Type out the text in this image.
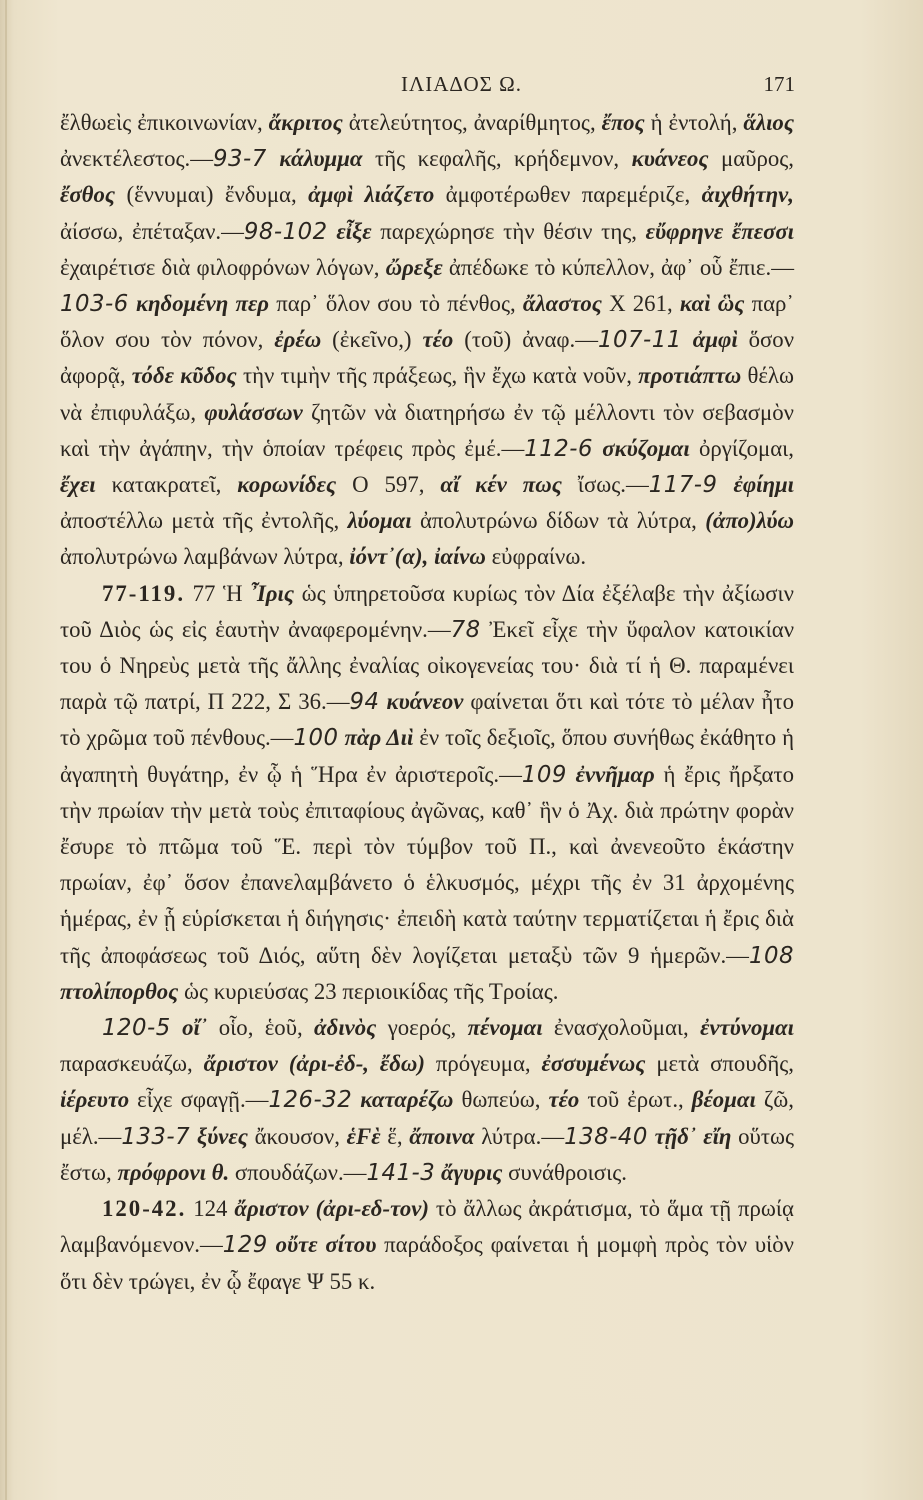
ΙΛΙΑΔΟΣ Ω.	171

ἔλθωεὶς ἐπικοινωνίαν, ἄκριτος ἀτελεύτητος, ἀναρίθμητος, ἔπος ἡ ἐντολή, ἅλιος ἀνεκτέλεστος.—93-7 κάλυμμα τῆς κεφαλῆς, κρήδεμνον, κυάνεος μαῦρος, ἔσθος (ἕννυμαι) ἔνδυμα, ἀμφὶ λιάζετο ἀμφοτέρωθεν παρεμέριζε, ἀιχθήτην, ἀίσσω, ἐπέταξαν.—98-102 εἶξε παρεχώρησε τὴν θέσιν της, εὔφρηνε ἔπεσσι ἐχαιρέτισε διὰ φιλοφρόνων λόγων, ὤρεξε ἀπέδωκε τὸ κύπελλον, ἀφ᾽ οὗ ἔπιε.—103-6 κηδομένη περ παρ᾽ ὅλον σου τὸ πένθος, ἄλαστος Χ 261, καὶ ὣς παρ᾽ ὅλον σου τὸν πόνον, ἐρέω (ἐκεῖνο,) τέο (τοῦ) ἀναφ.—107-11 ἀμφὶ ὅσον ἀφορᾷ, τόδε κῦδος τὴν τιμὴν τῆς πράξεως, ἣν ἔχω κατὰ νοῦν, προτιάπτω θέλω νὰ ἐπιφυλάξω, φυλάσσων ζητῶν νὰ διατηρήσω ἐν τῷ μέλλοντι τὸν σεβασμὸν καὶ τὴν ἀγάπην, τὴν ὁποίαν τρέφεις πρὸς ἐμέ.—112-6 σκύζομαι ὀργίζομαι, ἔχει κατακρατεῖ, κορωνίδες Ο 597, αἴ κέν πως ἴσως.—117-9 ἐφίημι ἀποστέλλω μετὰ τῆς ἐντολῆς, λύομαι ἀπολυτρώνω δίδων τὰ λύτρα, (ἀπο)λύω ἀπολυτρώνω λαμβάνων λύτρα, ἰόντ᾽(α), ἰαίνω εὐφραίνω.

77-119. 77 Ἡ Ἶρις ὡς ὑπηρετοῦσα κυρίως τὸν Δία ἐξέλαβε τὴν ἀξίωσιν τοῦ Διὸς ὡς εἰς ἑαυτὴν ἀναφερομένην.—78 Ἐκεῖ εἶχε τὴν ὕφαλον κατοικίαν του ὁ Νηρεὺς μετὰ τῆς ἄλλης ἐναλίας οἰκογενείας του· διὰ τί ἡ Θ. παραμένει παρὰ τῷ πατρί, Π 222, Σ 36.—94 κυάνεον φαίνεται ὅτι καὶ τότε τὸ μέλαν ἦτο τὸ χρῶμα τοῦ πένθους.—100 πὰρ Διὶ ἐν τοῖς δεξιοῖς, ὅπου συνήθως ἐκάθητο ἡ ἀγαπητὴ θυγάτηρ, ἐν ᾧ ἡ Ἥρα ἐν ἀριστεροῖς.—109 ἐννῆμαρ ἡ ἔρις ἤρξατο τὴν πρωίαν τὴν μετὰ τοὺς ἐπιταφίους ἀγῶνας, καθ᾽ ἣν ὁ Ἀχ. διὰ πρώτην φορὰν ἔσυρε τὸ πτῶμα τοῦ Ἕ. περὶ τὸν τύμβον τοῦ Π., καὶ ἀνενεοῦτο ἑκάστην πρωίαν, ἐφ᾽ ὅσον ἐπανελαμβάνετο ὁ ἑλκυσμός, μέχρι τῆς ἐν 31 ἀρχομένης ἡμέρας, ἐν ᾗ εὑρίσκεται ἡ διήγησις· ἐπειδὴ κατὰ ταύτην τερματίζεται ἡ ἔρις διὰ τῆς ἀποφάσεως τοῦ Διός, αὕτη δὲν λογίζεται μεταξὺ τῶν 9 ἡμερῶν.—108 πτολίπορθος ὡς κυριεύσας 23 περιοικίδας τῆς Τροίας.

120-5 οἴ᾽ οἷο, ἑοῦ, ἀδινὸς γοερός, πένομαι ἐνασχολοῦμαι, ἐντύνομαι παρασκευάζω, ἄριστον (ἀρι-ἐδ-, ἔδω) πρόγευμα, ἐσσυμένως μετὰ σπουδῆς, ἱέρευτο εἶχε σφαγῇ.—126-32 καταρέζω θωπεύω, τέο τοῦ ἐρωτ., βέομαι ζῶ, μέλ.—133-7 ξύνες ἄκουσον, ἑϜὲ ἕ, ἄποινα λύτρα.—138-40 τῇδ᾽ εἴη οὕτως ἔστω, πρόφρονι θ. σπουδάζων.—141-3 ἄγυρις συνάθροισις.

120-42. 124 ἄριστον (ἀρι-εδ-τον) τὸ ἄλλως ἀκράτισμα, τὸ ἅμα τῇ πρωίᾳ λαμβανόμενον.—129 οὔτε σίτου παράδοξος φαίνεται ἡ μομφὴ πρὸς τὸν υἱὸν ὅτι δὲν τρώγει, ἐν ᾧ ἔφαγε Ψ 55 κ.
